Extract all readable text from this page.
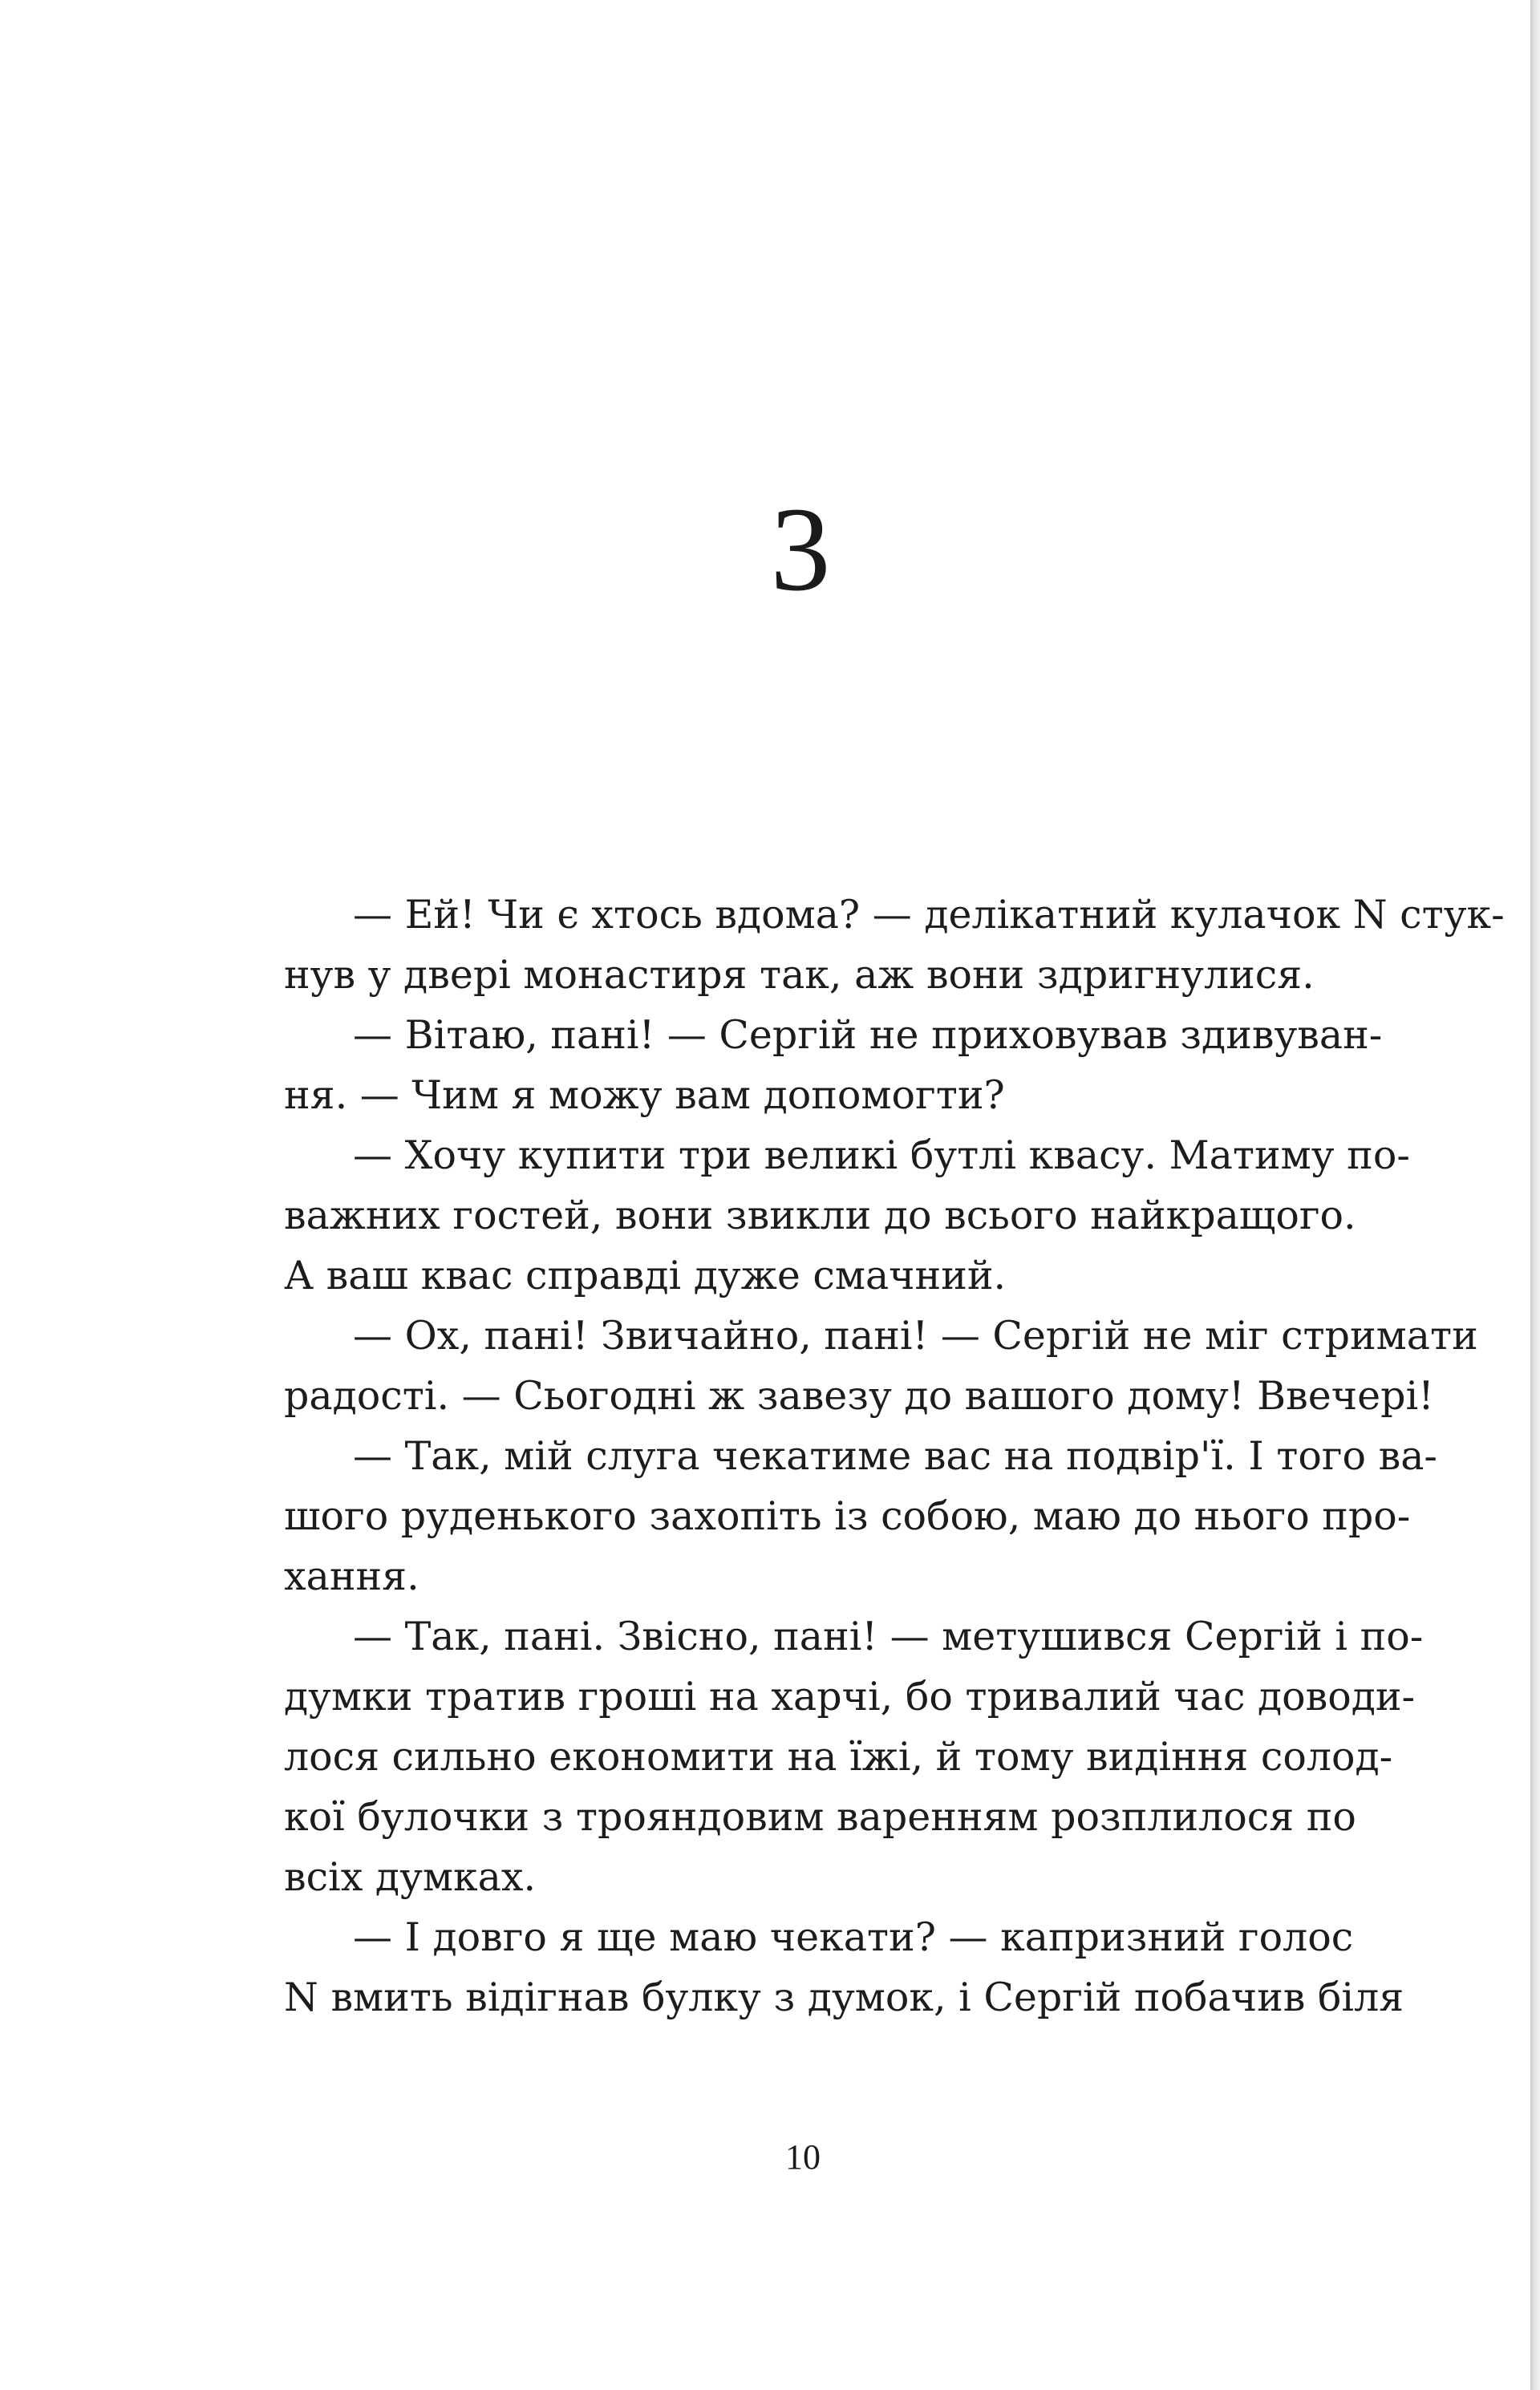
3
— Ей! Чи є хтось вдома? — делікатний кулачок N стук-
нув у двері монастиря так, аж вони здригнулися.
— Вітаю, пані! — Сергій не приховував здивуван-
ня. — Чим я можу вам допомогти?
— Хочу купити три великі бутлі квасу. Матиму по-
важних гостей, вони звикли до всього найкращого.
А ваш квас справді дуже смачний.
— Ох, пані! Звичайно, пані! — Сергій не міг стримати
радості. — Сьогодні ж завезу до вашого дому! Ввечері!
— Так, мій слуга чекатиме вас на подвір'ї. І того ва-
шого руденького захопіть із собою, маю до нього про-
хання.
— Так, пані. Звісно, пані! — метушився Сергій і по-
думки тратив гроші на харчі, бо тривалий час доводи-
лося сильно економити на їжі, й тому видіння солод-
кої булочки з трояндовим варенням розплилося по
всіх думках.
— І довго я ще маю чекати? — капризний голос
N вмить відігнав булку з думок, і Сергій побачив біля
10
